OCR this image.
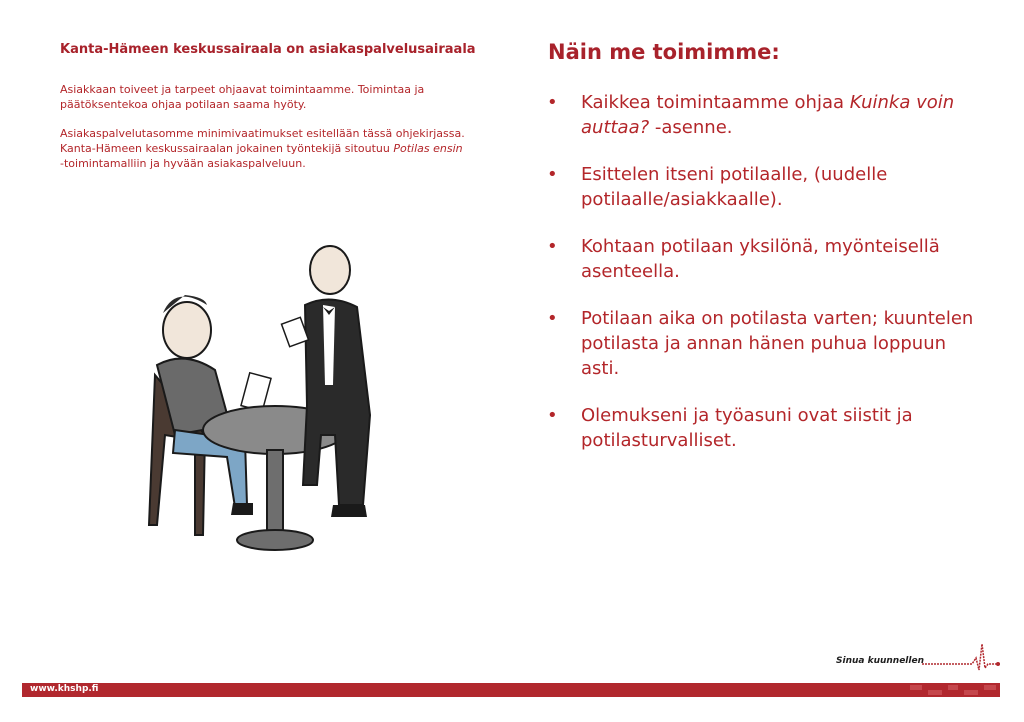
Kanta-Hämeen keskussairaala on asiakaspalvelusairaala
Asiakkaan toiveet ja tarpeet ohjaavat toimintaamme. Toimintaa ja päätöksentekoa ohjaa potilaan saama hyöty.
Asiakaspalvelutasomme minimivaatimukset esitellään tässä ohjekirjassa. Kanta-Hämeen keskussairaalan jokainen työntekijä sitoutuu Potilas ensin -toimintamalliin ja hyvään asiakaspalveluun.
Näin me toimimme:
• Kaikkea toimintaamme ohjaa Kuinka voin auttaa? -asenne.
• Esittelen itseni potilaalle, (uudelle potilaalle/asiakkaalle).
• Kohtaan potilaan yksilönä, myönteisellä asenteella.
• Potilaan aika on potilasta varten; kuuntelen potilasta ja annan hänen puhua loppuun asti.
• Olemukseni ja työasuni ovat siistit ja potilasturvalliset.
Sinua kuunnellen
www.khshp.fi
